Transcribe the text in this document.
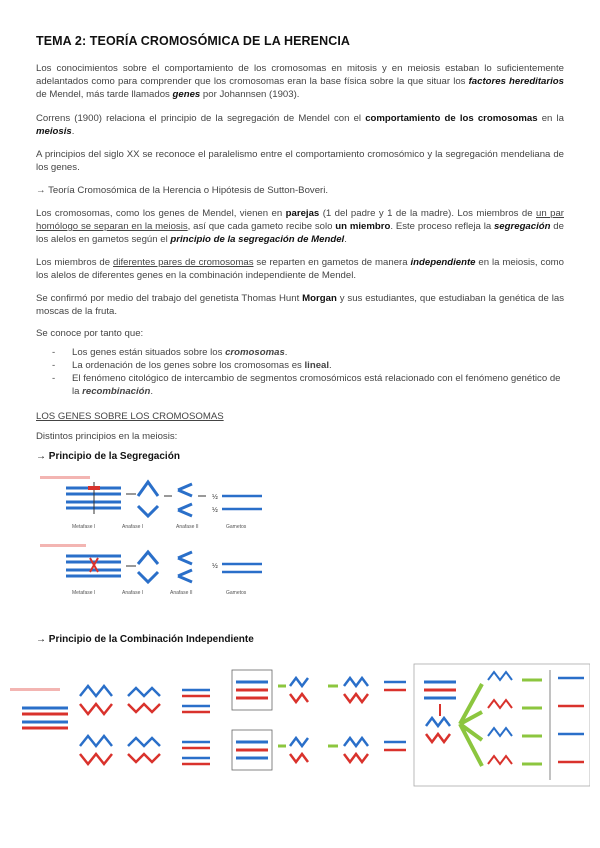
TEMA 2: TEORÍA CROMOSÓMICA DE LA HERENCIA

Los conocimientos sobre el comportamiento de los cromosomas en mitosis y en meiosis estaban lo suficientemente adelantados como para comprender que los cromosomas eran la base física sobre la que situar los factores hereditarios de Mendel, más tarde llamados genes por Johannsen (1903).

Correns (1900) relaciona el principio de la segregación de Mendel con el comportamiento de los cromosomas en la meiosis.

A principios del siglo XX se reconoce el paralelismo entre el comportamiento cromosómico y la segregación mendeliana de los genes.

→ Teoría Cromosómica de la Herencia o Hipótesis de Sutton-Boveri.

Los cromosomas, como los genes de Mendel, vienen en parejas (1 del padre y 1 de la madre). Los miembros de un par homólogo se separan en la meiosis, así que cada gameto recibe solo un miembro. Este proceso refleja la segregación de los alelos en gametos según el principio de la segregación de Mendel.

Los miembros de diferentes pares de cromosomas se reparten en gametos de manera independiente en la meiosis, como los alelos de diferentes genes en la combinación independiente de Mendel.

Se confirmó por medio del trabajo del genetista Thomas Hunt Morgan y sus estudiantes, que estudiaban la genética de las moscas de la fruta.

Se conoce por tanto que:

- Los genes están situados sobre los cromosomas.
- La ordenación de los genes sobre los cromosomas es lineal.
- El fenómeno citológico de intercambio de segmentos cromosómicos está relacionado con el fenómeno genético de la recombinación.

LOS GENES SOBRE LOS CROMOSOMAS

Distintos principios en la meiosis:

→ Principio de la Segregación

½
½
Metafase I	Anafase I	Anafase II	Gametos
½
Metafase I	Anafase I	Anafase II	Gametos

→ Principio de la Combinación Independiente
